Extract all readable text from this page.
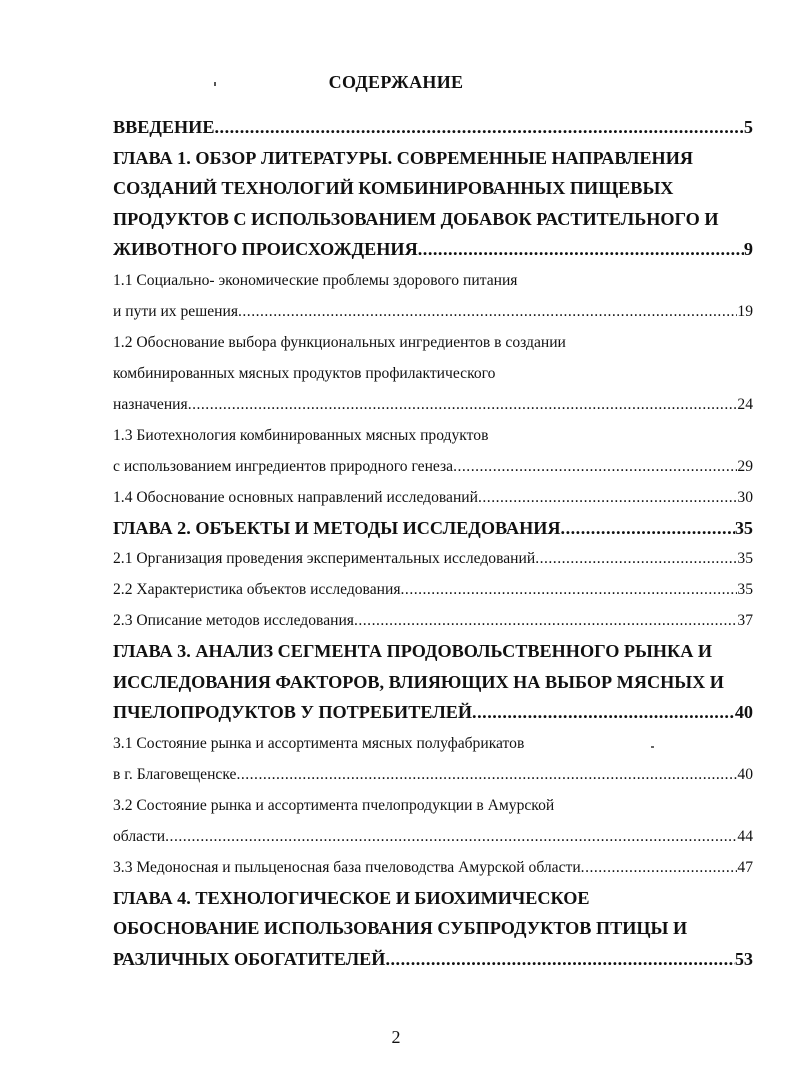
СОДЕРЖАНИЕ
ВВЕДЕНИЕ .....	5
ГЛАВА 1. ОБЗОР ЛИТЕРАТУРЫ. СОВРЕМЕННЫЕ НАПРАВЛЕНИЯ
СОЗДАНИЙ ТЕХНОЛОГИЙ КОМБИНИРОВАННЫХ ПИЩЕВЫХ
ПРОДУКТОВ С ИСПОЛЬЗОВАНИЕМ ДОБАВОК РАСТИТЕЛЬНОГО И
ЖИВОТНОГО ПРОИСХОЖДЕНИЯ .....	9
1.1 Социально- экономические проблемы здорового питания
и пути их решения .....	19
1.2 Обоснование выбора функциональных ингредиентов в создании
комбинированных мясных продуктов профилактического
назначения .....	24
1.3 Биотехнология комбинированных мясных продуктов
с использованием ингредиентов природного генеза .....	29
1.4 Обоснование основных направлений исследований .....	30
ГЛАВА 2. ОБЪЕКТЫ И МЕТОДЫ ИССЛЕДОВАНИЯ .....	35
2.1 Организация проведения экспериментальных исследований .....	35
2.2 Характеристика объектов исследования .....	35
2.3 Описание методов исследования .....	37
ГЛАВА 3. АНАЛИЗ СЕГМЕНТА ПРОДОВОЛЬСТВЕННОГО РЫНКА И
ИССЛЕДОВАНИЯ ФАКТОРОВ, ВЛИЯЮЩИХ НА ВЫБОР МЯСНЫХ И
ПЧЕЛОПРОДУКТОВ У ПОТРЕБИТЕЛЕЙ .....	40
3.1 Состояние рынка и ассортимента мясных полуфабрикатов
в г. Благовещенске .....	40
3.2 Состояние рынка и ассортимента пчелопродукции в Амурской
области .....	44
3.3 Медоносная и пыльценосная база пчеловодства Амурской области .....	47
ГЛАВА 4. ТЕХНОЛОГИЧЕСКОЕ И БИОХИМИЧЕСКОЕ
ОБОСНОВАНИЕ ИСПОЛЬЗОВАНИЯ СУБПРОДУКТОВ ПТИЦЫ И
РАЗЛИЧНЫХ ОБОГАТИТЕЛЕЙ .....	53
2
